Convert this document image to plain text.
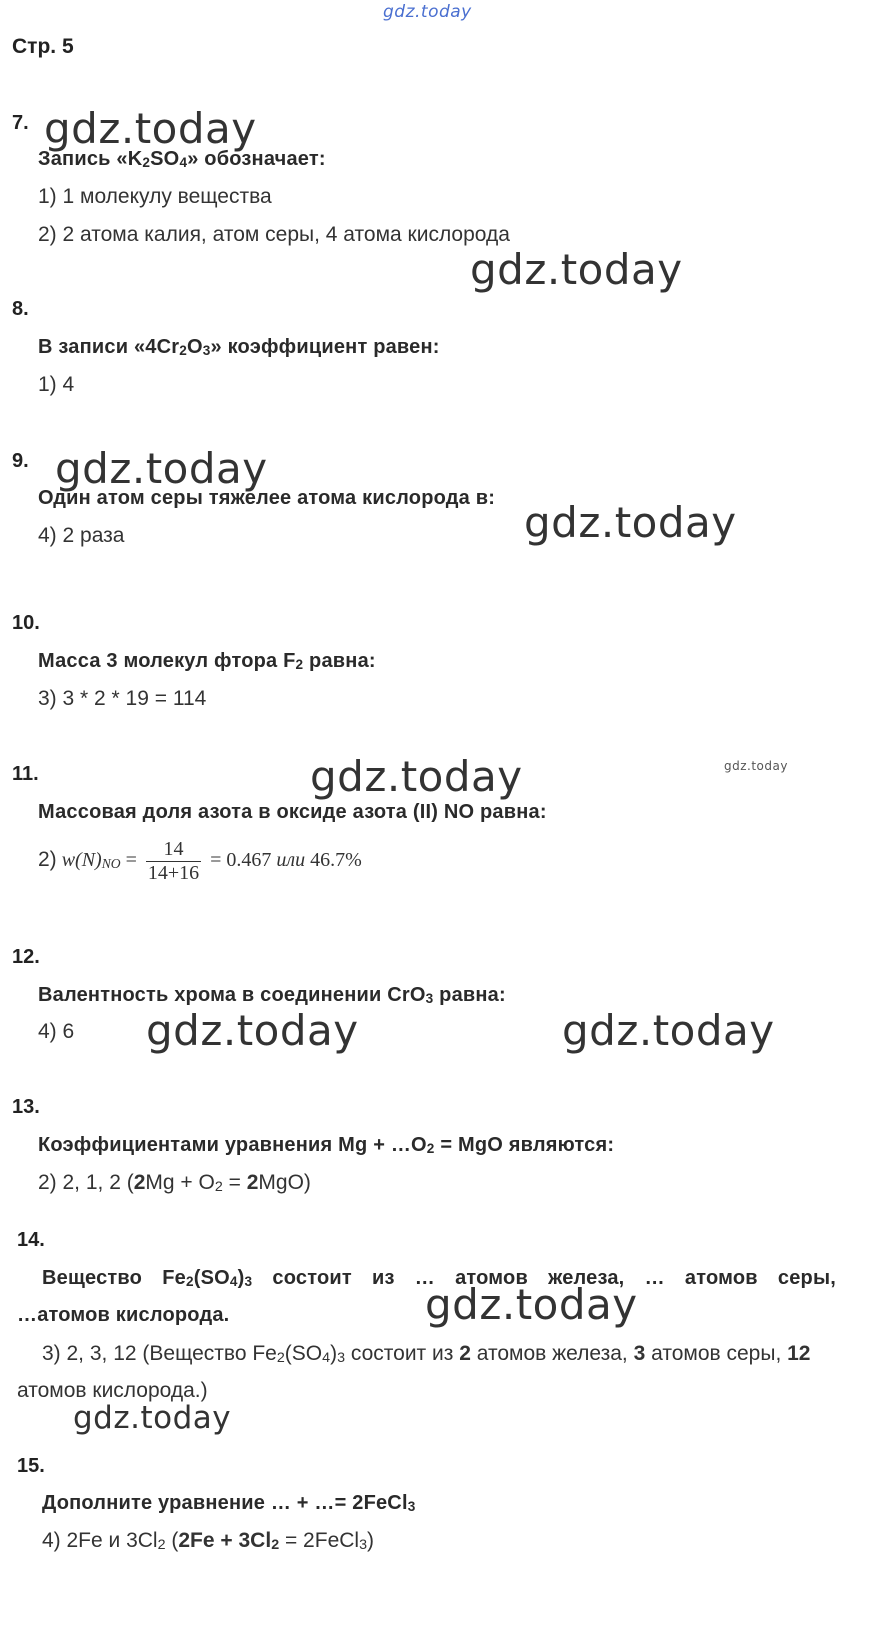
gdz.today
Стр. 5
7. gdz.today
Запись «$K_2SO_4$» обозначает:
1) 1 молекулу вещества
2) 2 атома калия, атом серы, 4 атома кислорода
gdz.today
8.
В записи «$4Cr_2O_3$» коэффициент равен:
1) 4
9. gdz.today
Один атом серы тяжелее атома кислорода в:
4) 2 раза	gdz.today
10.
Масса 3 молекул фтора $F_2$ равна:
3) 3 * 2 * 19 = 114
gdz.today
11.	gdz.today
Массовая доля азота в оксиде азота (II) NO равна:
2) $w(N)_{NO} = \frac{14}{14+16} = 0.467$ или 46.7%
12.
Валентность хрома в соединении CrO$_3$ равна:
4) 6 gdz.today	gdz.today
13.
Коэффициентами уравнения $Mg + \dots O_2$ = MgO являются:
2) 2, 1, 2 $(2Mg + O_2 = 2MgO)$
14.
Вещество $Fe_2(SO_4)_3$ состоит из … атомов железа, … атомов серы,
…атомов кислорода.	gdz.today
3) 2, 3, 12 (Вещество $Fe_2(SO_4)_3$ состоит из 2 атомов железа, 3 атомов серы, 12
атомов кислорода.)
gdz.today
15.
Дополните уравнение … + …= 2FeCl$_3$
4) 2Fe и $3Cl_2$ ($2Fe + 3Cl_2$ = 2FeCl$_3$)
